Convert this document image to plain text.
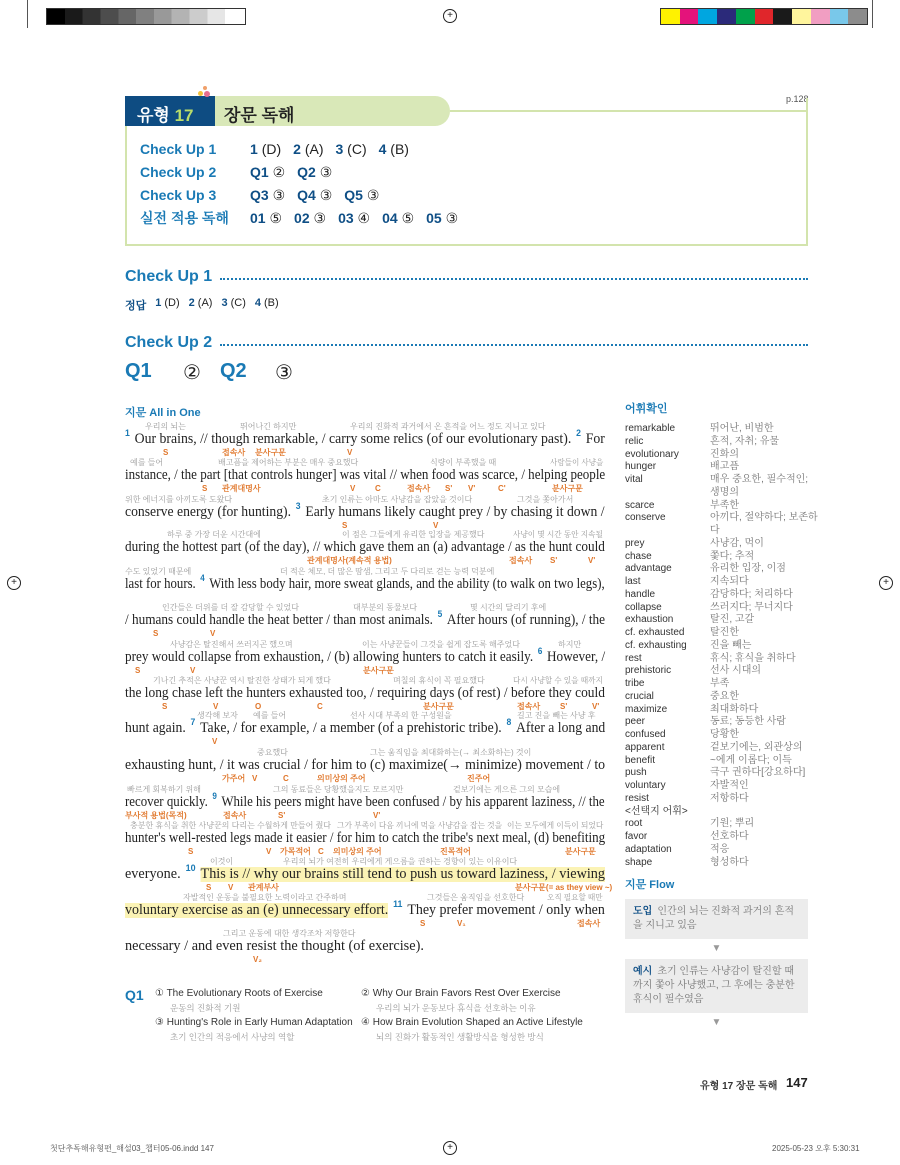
+
+	+
+
첫단추독해유형편_해설03_챕터05-06.indd 147	2025-05-23 오후 5:30:31
p.128
장문 독해
유형 17
Check Up 1	1 (D) 2 (A) 3 (C) 4 (B)
Check Up 2	Q1 ② Q2 ③
Check Up 3	Q3 ③ Q4 ③ Q5 ③
실전 적용 독해	01 ⑤ 02 ③ 03 ④ 04 ⑤ 05 ③
Check Up 1
정답 1 (D) 2 (A) 3 (C) 4 (B)
Check Up 2
Q1	② Q2	③
지문 All in One
1 Our brains, // though remarkable, / carry some relics (of our evolutionary past). 2 For
우리의 뇌는	뛰어나긴 하지만	우리의 진화적 과거에서 온 흔적을 어느 정도 지니고 있다
S	접속사 분사구문	V
instance, / the part [that controls hunger] was vital // when food was scarce, / helping people
예를 들어	배고픔을 제어하는 부분은 매우 중요했다	식량이 부족했을 때	사람들이 사냥을
S 관계대명사	V C	접속사 S' V'	C'	분사구문
conserve energy (for hunting). 3 Early humans likely caught prey / by chasing it down /
위한 에너지를 아끼도록 도왔다	초기 인류는 아마도 사냥감을 잡았을 것이다	그것을 쫓아가서
S	V
during the hottest part (of the day), // which gave them an (a) advantage / as the hunt could
하루 중 가장 더운 시간대에	이 점은 그들에게 유리한 입장을 제공했다	사냥이 몇 시간 동안 지속될
관계대명사(계속적 용법)	접속사 S'	V'
last for hours. 4 With less body hair, more sweat glands, and the ability (to walk on two legs),
수도 있었기 때문에	더 적은 체모, 더 많은 땀샘, 그리고 두 다리로 걷는 능력 덕분에
/ humans could handle the heat better / than most animals. 5 After hours (of running), / the
인간들은 더위를 더 잘 감당할 수 있었다	대부분의 동물보다	몇 시간의 달리기 후에
S	V
prey would collapse from exhaustion, / (b) allowing hunters to catch it easily. 6 However, /
사냥감은 탈진해서 쓰러지곤 했으며	이는 사냥꾼들이 그것을 쉽게 잡도록 해주었다	하지만
S	V	분사구문
the long chase left the hunters exhausted too, / requiring days (of rest) / before they could
기나긴 추적은 사냥꾼 역시 탈진한 상태가 되게 했다	며칠의 휴식이 꼭 필요했다	다시 사냥할 수 있을 때까지
S	V	O	C	분사구문	접속사 S'	V'
hunt again. 7 Take, / for example, / a member (of a prehistoric tribe). 8 After a long and
생각해 보자 예를 들어	선사 시대 부족의 한 구성원을	길고 진을 빼는 사냥 후
V
exhausting hunt, / it was crucial / for him to (c) maximize(→ minimize) movement / to
중요했다	그는 움직임을 최대화하는(→ 최소화하는) 것이
가주어 V	C	의미상의 주어	진주어
recover quickly. 9 While his peers might have been confused / by his apparent laziness, // the
빠르게 회복하기 위해	그의 동료들은 당황했을지도 모르지만	겉보기에는 게으른 그의 모습에
부사적 용법(목적)	접속사	S'	V'
hunter's well-rested legs made it easier / for him to catch the tribe's next meal, (d) benefiting
충분한 휴식을 취한 사냥꾼의 다리는 수월하게 만들어 줬다 그가 부족이 다음 끼니에 먹을 사냥감을 잡는 것을 이는 모두에게 이득이 되었다
S	V 가목적어 C 의미상의 주어	진목적어	분사구문
everyone. 10 This is // why our brains still tend to push us toward laziness, / viewing
이것이	우리의 뇌가 여전히 우리에게 게으름을 권하는 경향이 있는 이유이다
S V 관계부사	분사구문(= as they view ~)
voluntary exercise as an (e) unnecessary effort. 11 They prefer movement / only when
자발적인 운동을 불필요한 노력이라고 간주하며	그것들은 움직임을 선호한다	오직 필요할 때만
S	V₁	접속사
necessary / and even resist the thought (of exercise).
그리고 운동에 대한 생각조차 저항한다
V₂
어휘확인
remarkable	뛰어난, 비범한
relic	흔적, 자취; 유물
evolutionary	진화의
hunger	배고픔
vital	매우 중요한, 필수적인; 생명의
scarce	부족한
conserve	아끼다, 절약하다; 보존하다
prey	사냥감, 먹이
chase	쫓다; 추적
advantage	유리한 입장, 이점
last	지속되다
handle	감당하다; 처리하다
collapse	쓰러지다; 무너지다
exhaustion	탈진, 고갈
cf. exhausted	탈진한
cf. exhausting	진을 빼는
rest	휴식; 휴식을 취하다
prehistoric	선사 시대의
tribe	부족
crucial	중요한
maximize	최대화하다
peer	동료; 동등한 사람
confused	당황한
apparent	겉보기에는, 외관상의
benefit	~에게 이롭다; 이득
push	극구 권하다[강요하다]
voluntary	자발적인
resist	저항하다
<선택지 어휘>
root	기원; 뿌리
favor	선호하다
adaptation	적응
shape	형성하다
지문 Flow
도입 인간의 뇌는 진화적 과거의 흔적을 지니고 있음
▼
예시 초기 인류는 사냥감이 탈진할 때까지 쫓아 사냥했고, 그 후에는 충분한 휴식이 필수였음
▼
Q1 ① The Evolutionary Roots of Exercise
운동의 진화적 기원
② Why Our Brain Favors Rest Over Exercise
우리의 뇌가 운동보다 휴식을 선호하는 이유
③ Hunting's Role in Early Human Adaptation
초기 인간의 적응에서 사냥의 역할
④ How Brain Evolution Shaped an Active Lifestyle
뇌의 진화가 활동적인 생활방식을 형성한 방식
유형 17 장문 독해 147
